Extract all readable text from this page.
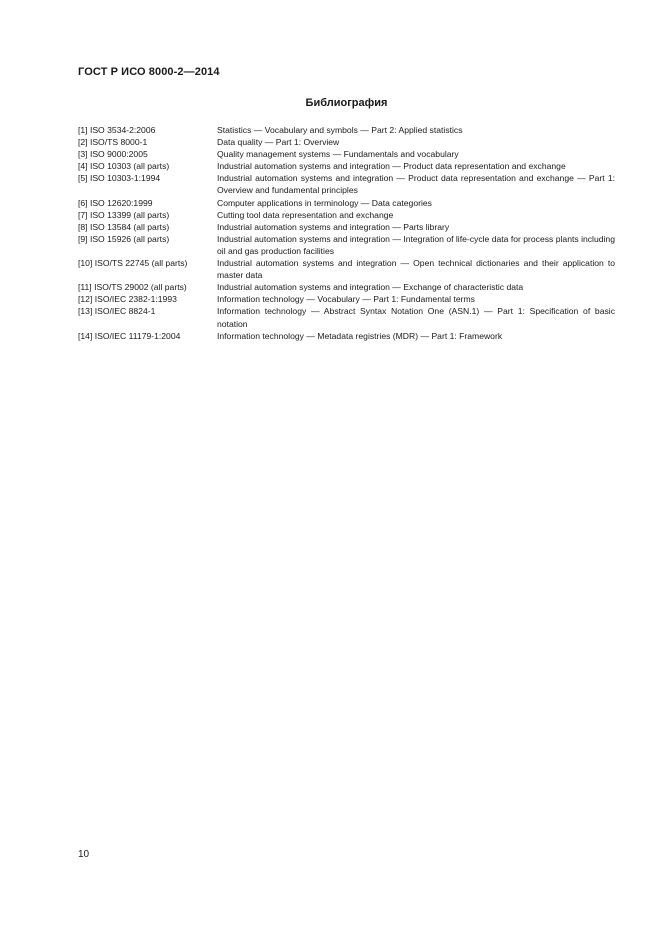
ГОСТ Р ИСО 8000-2—2014

Библиография
[1] ISO 3534-2:2006	Statistics — Vocabulary and symbols — Part 2: Applied statistics
[2] ISO/TS 8000-1	Data quality — Part 1: Overview
[3] ISO 9000:2005	Quality management systems — Fundamentals and vocabulary
[4] ISO 10303 (all parts)	Industrial automation systems and integration — Product data representation and exchange
[5] ISO 10303-1:1994	Industrial automation systems and integration — Product data representation and exchange — Part 1: Overview and fundamental principles
[6] ISO 12620:1999	Computer applications in terminology — Data categories
[7] ISO 13399 (all parts)	Cutting tool data representation and exchange
[8] ISO 13584 (all parts)	Industrial automation systems and integration — Parts library
[9] ISO 15926 (all parts)	Industrial automation systems and integration — Integration of life-cycle data for process plants including oil and gas production facilities
[10] ISO/TS 22745 (all parts)	Industrial automation systems and integration — Open technical dictionaries and their application to master data
[11] ISO/TS 29002 (all parts)	Industrial automation systems and integration — Exchange of characteristic data
[12] ISO/IEC 2382-1:1993	Information technology — Vocabulary — Part 1: Fundamental terms
[13] ISO/IEC 8824-1	Information technology — Abstract Syntax Notation One (ASN.1) — Part 1: Specification of basic notation
[14] ISO/IEC 11179-1:2004	Information technology — Metadata registries (MDR) — Part 1: Framework

10
